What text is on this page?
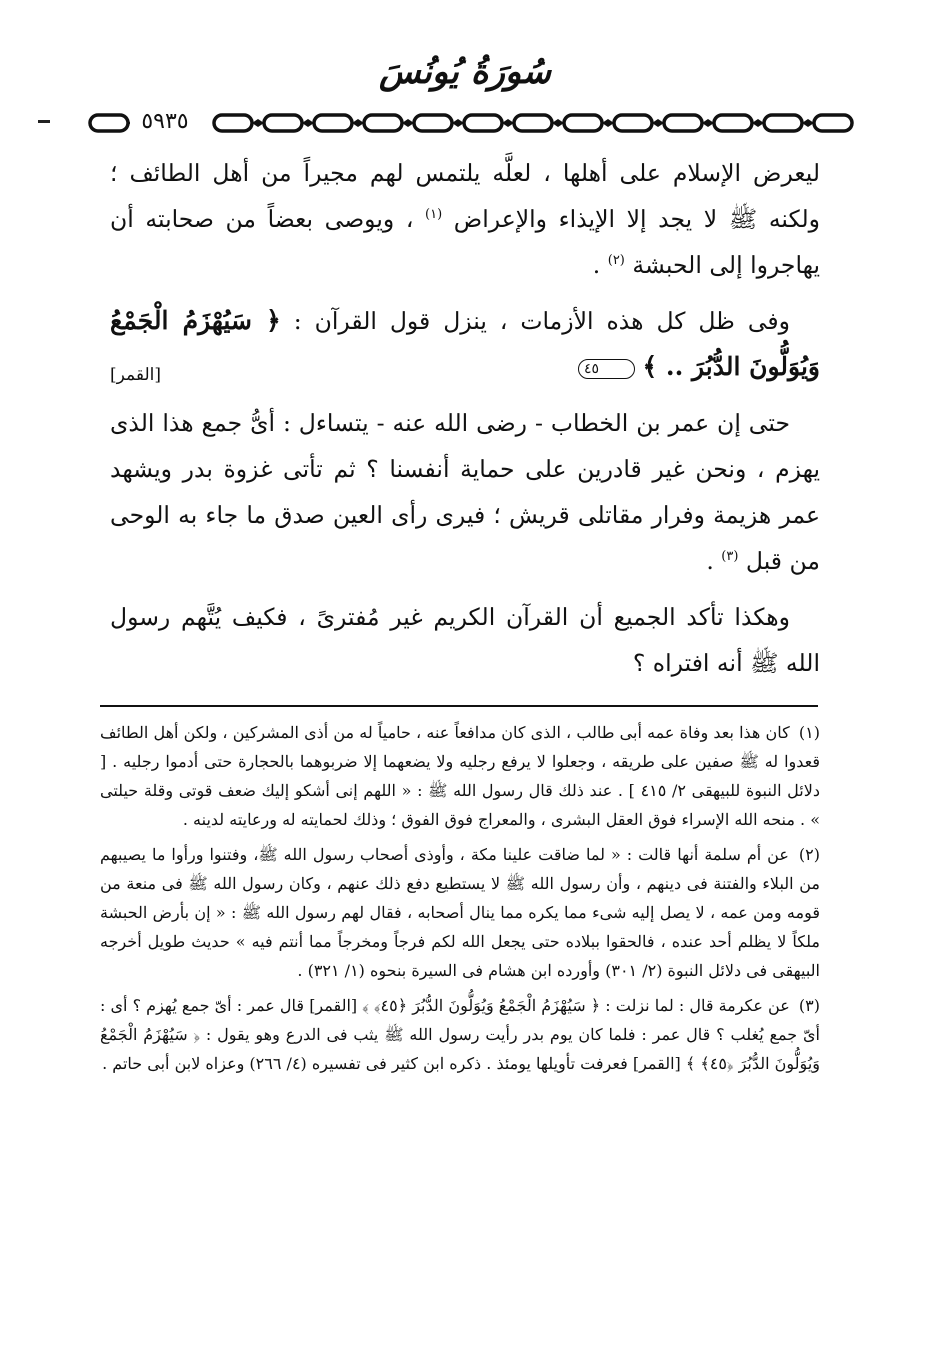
سُورَةُ يُونُسَ
٥٩٣٥

ليعرض الإسلام على أهلها ، لعلَّه يلتمس لهم مجيراً من أهل الطائف ؛ ولكنه ﷺ لا يجد إلا الإيذاء والإعراض $^{(١)}$ ، ويوصى بعضاً من صحابته أن يهاجروا إلى الحبشة $^{(٢)}$ .

وفى ظل كل هذه الأزمات ، ينزل قول القرآن : ﴿ سَيُهْزَمُ الْجَمْعُ وَيُوَلُّونَ الدُّبُرَ .. ﴾ ٤٥
[القمر]

حتى إن عمر بن الخطاب - رضى الله عنه - يتساءل : أىُّ جمع هذا الذى يهزم ، ونحن غير قادرين على حماية أنفسنا ؟ ثم تأتى غزوة بدر ويشهد عمر هزيمة وفرار مقاتلى قريش ؛ فيرى رأى العين صدق ما جاء به الوحى من قبل $^{(٣)}$ .

وهكذا تأكد الجميع أن القرآن الكريم غير مُفترىً ، فكيف يُتَّهم رسول الله ﷺ أنه افتراه ؟

(١) كان هذا بعد وفاة عمه أبى طالب ، الذى كان مدافعاً عنه ، حامياً له من أذى المشركين ، ولكن أهل الطائف قعدوا له ﷺ صفين على طريقه ، وجعلوا لا يرفع رجليه ولا يضعهما إلا ضربوهما بالحجارة حتى أدموا رجليه . [ دلائل النبوة للبيهقى ٢/ ٤١٥ ] . عند ذلك قال رسول الله ﷺ : « اللهم إنى أشكو إليك ضعف قوتى وقلة حيلتى » . منحه الله الإسراء فوق العقل البشرى ، والمعراج فوق الفوق ؛ وذلك لحمايته له ورعايته لدينه .

(٢) عن أم سلمة أنها قالت : « لما ضاقت علينا مكة ، وأوذى أصحاب رسول الله ﷺ، وفتنوا ورأوا ما يصيبهم من البلاء والفتنة فى دينهم ، وأن رسول الله ﷺ لا يستطيع دفع ذلك عنهم ، وكان رسول الله ﷺ فى منعة من قومه ومن عمه ، لا يصل إليه شىء مما يكره مما ينال أصحابه ، فقال لهم رسول الله ﷺ : « إن بأرض الحبشة ملكاً لا يظلم أحد عنده ، فالحقوا ببلاده حتى يجعل الله لكم فرجاً ومخرجاً مما أنتم فيه » حديث طويل أخرجه البيهقى فى دلائل النبوة (٢/ ٣٠١) وأورده ابن هشام فى السيرة بنحوه (١/ ٣٢١) .

(٣) عن عكرمة قال : لما نزلت : ﴿ سَيُهْزَمُ الْجَمْعُ وَيُوَلُّونَ الدُّبُرَ ﴿٤٥﴾ ﴾ [القمر] قال عمر : أىّ جمع يُهزم ؟ أى : أىّ جمع يُغلب ؟ قال عمر : فلما كان يوم بدر رأيت رسول الله ﷺ يثب فى الدرع وهو يقول : ﴿ سَيُهْزَمُ الْجَمْعُ وَيُوَلُّونَ الدُّبُرَ ﴿٤٥﴾ ﴾ [القمر] فعرفت تأويلها يومئذ . ذكره ابن كثير فى تفسيره (٤/ ٢٦٦) وعزاه لابن أبى حاتم .
